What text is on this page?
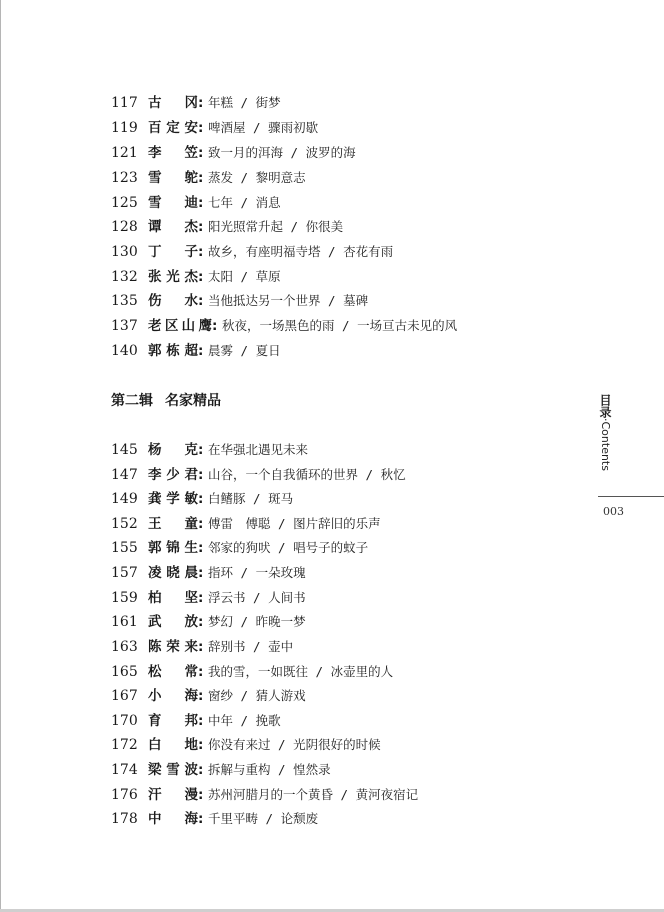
117 古冈: 年糕 / 街梦
119 百定安: 啤酒屋 / 骤雨初歇
121 李笠: 致一月的洱海 / 波罗的海
123 雪鸵: 蒸发 / 黎明意志
125 雪迪: 七年 / 消息
128 谭杰: 阳光照常升起 / 你很美
130 丁子: 故乡，有座明福寺塔 / 杏花有雨
132 张光杰: 太阳 / 草原
135 伤水: 当他抵达另一个世界 / 墓碑
137 老区山鹰: 秋夜，一场黑色的雨 / 一场亘古未见的风
140 郭栋超: 晨雾 / 夏日
第二辑 名家精品
145 杨克: 在华强北遇见未来
147 李少君: 山谷，一个自我循环的世界 / 秋忆
149 龚学敏: 白鳍豚 / 斑马
152 王童: 傅雷　傅聪 / 图片辞旧的乐声
155 郭锦生: 邻家的狗吠 / 唱号子的蚊子
157 凌晓晨: 指环 / 一朵玫瑰
159 柏坚: 浮云书 / 人间书
161 武放: 梦幻 / 昨晚一梦
163 陈荣来: 辞别书 / 壶中
165 松常: 我的雪，一如既往 / 冰壶里的人
167 小海: 窗纱 / 猜人游戏
170 育邦: 中年 / 挽歌
172 白地: 你没有来过 / 光阴很好的时候
174 梁雪波: 拆解与重构 / 惶然录
176 汗漫: 苏州河腊月的一个黄昏 / 黄河夜宿记
178 中海: 千里平畴 / 论颓废
目录·Contents
003
